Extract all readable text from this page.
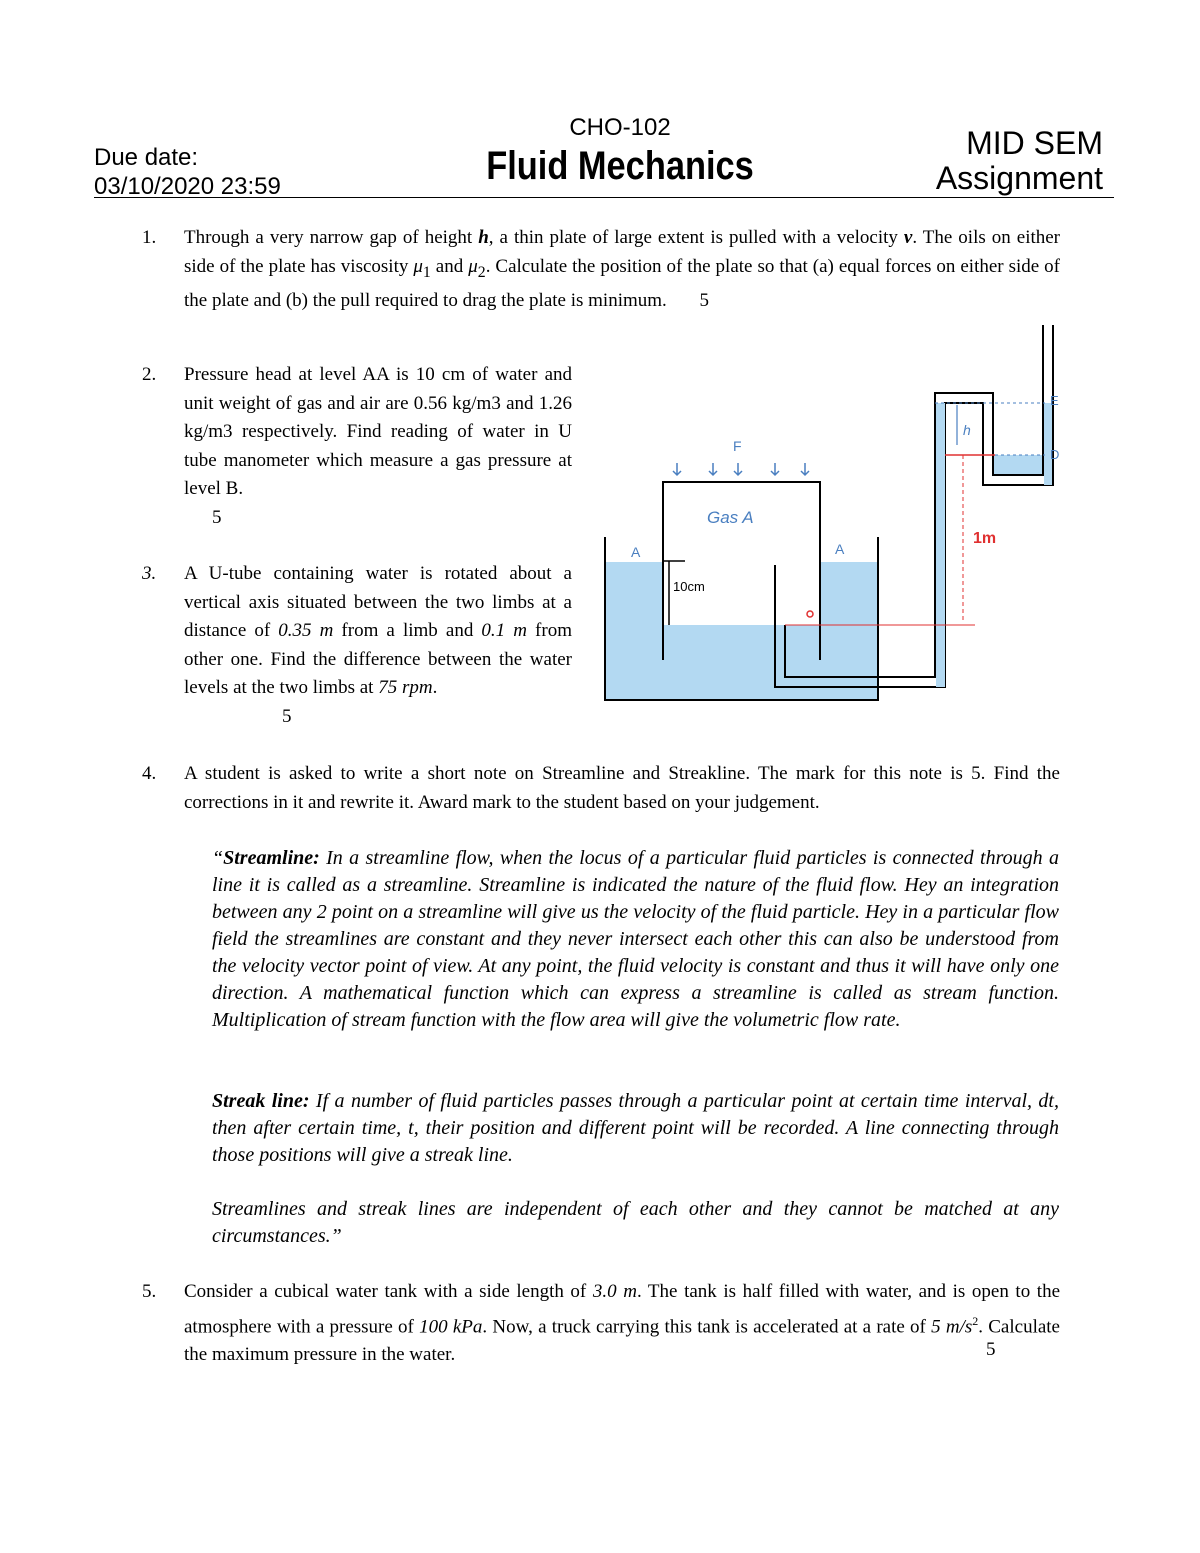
Due date:
03/10/2020 23:59
CHO-102
Fluid Mechanics
MID SEM
Assignment
1. Through a very narrow gap of height h, a thin plate of large extent is pulled with a velocity v. The oils on either side of the plate has viscosity $\mu_1$ and $\mu_2$. Calculate the position of the plate so that (a) equal forces on either side of the plate and (b) the pull required to drag the plate is minimum. 5
2. Pressure head at level AA is 10 cm of water and unit weight of gas and air are 0.56 kg/m3 and 1.26 kg/m3 respectively. Find reading of water in U tube manometer which measure a gas pressure at level B.
5
3. A U-tube containing water is rotated about a vertical axis situated between the two limbs at a distance of 0.35 m from a limb and 0.1 m from other one. Find the difference between the water levels at the two limbs at 75 rpm.
5
F
Gas A
A	A
10cm
1m
h
E
D
4. A student is asked to write a short note on Streamline and Streakline. The mark for this note is 5. Find the corrections in it and rewrite it. Award mark to the student based on your judgement.
“Streamline: In a streamline flow, when the locus of a particular fluid particles is connected through a line it is called as a streamline. Streamline is indicated the nature of the fluid flow. Hey an integration between any 2 point on a streamline will give us the velocity of the fluid particle. Hey in a particular flow field the streamlines are constant and they never intersect each other this can also be understood from the velocity vector point of view. At any point, the fluid velocity is constant and thus it will have only one direction. A mathematical function which can express a streamline is called as stream function. Multiplication of stream function with the flow area will give the volumetric flow rate.
Streak line: If a number of fluid particles passes through a particular point at certain time interval, dt, then after certain time, t, their position and different point will be recorded. A line connecting through those positions will give a streak line.
Streamlines and streak lines are independent of each other and they cannot be matched at any circumstances.”
5. Consider a cubical water tank with a side length of 3.0 m. The tank is half filled with water, and is open to the atmosphere with a pressure of 100 kPa. Now, a truck carrying this tank is accelerated at a rate of 5 $m/s^2$. Calculate the maximum pressure in the water.	5
